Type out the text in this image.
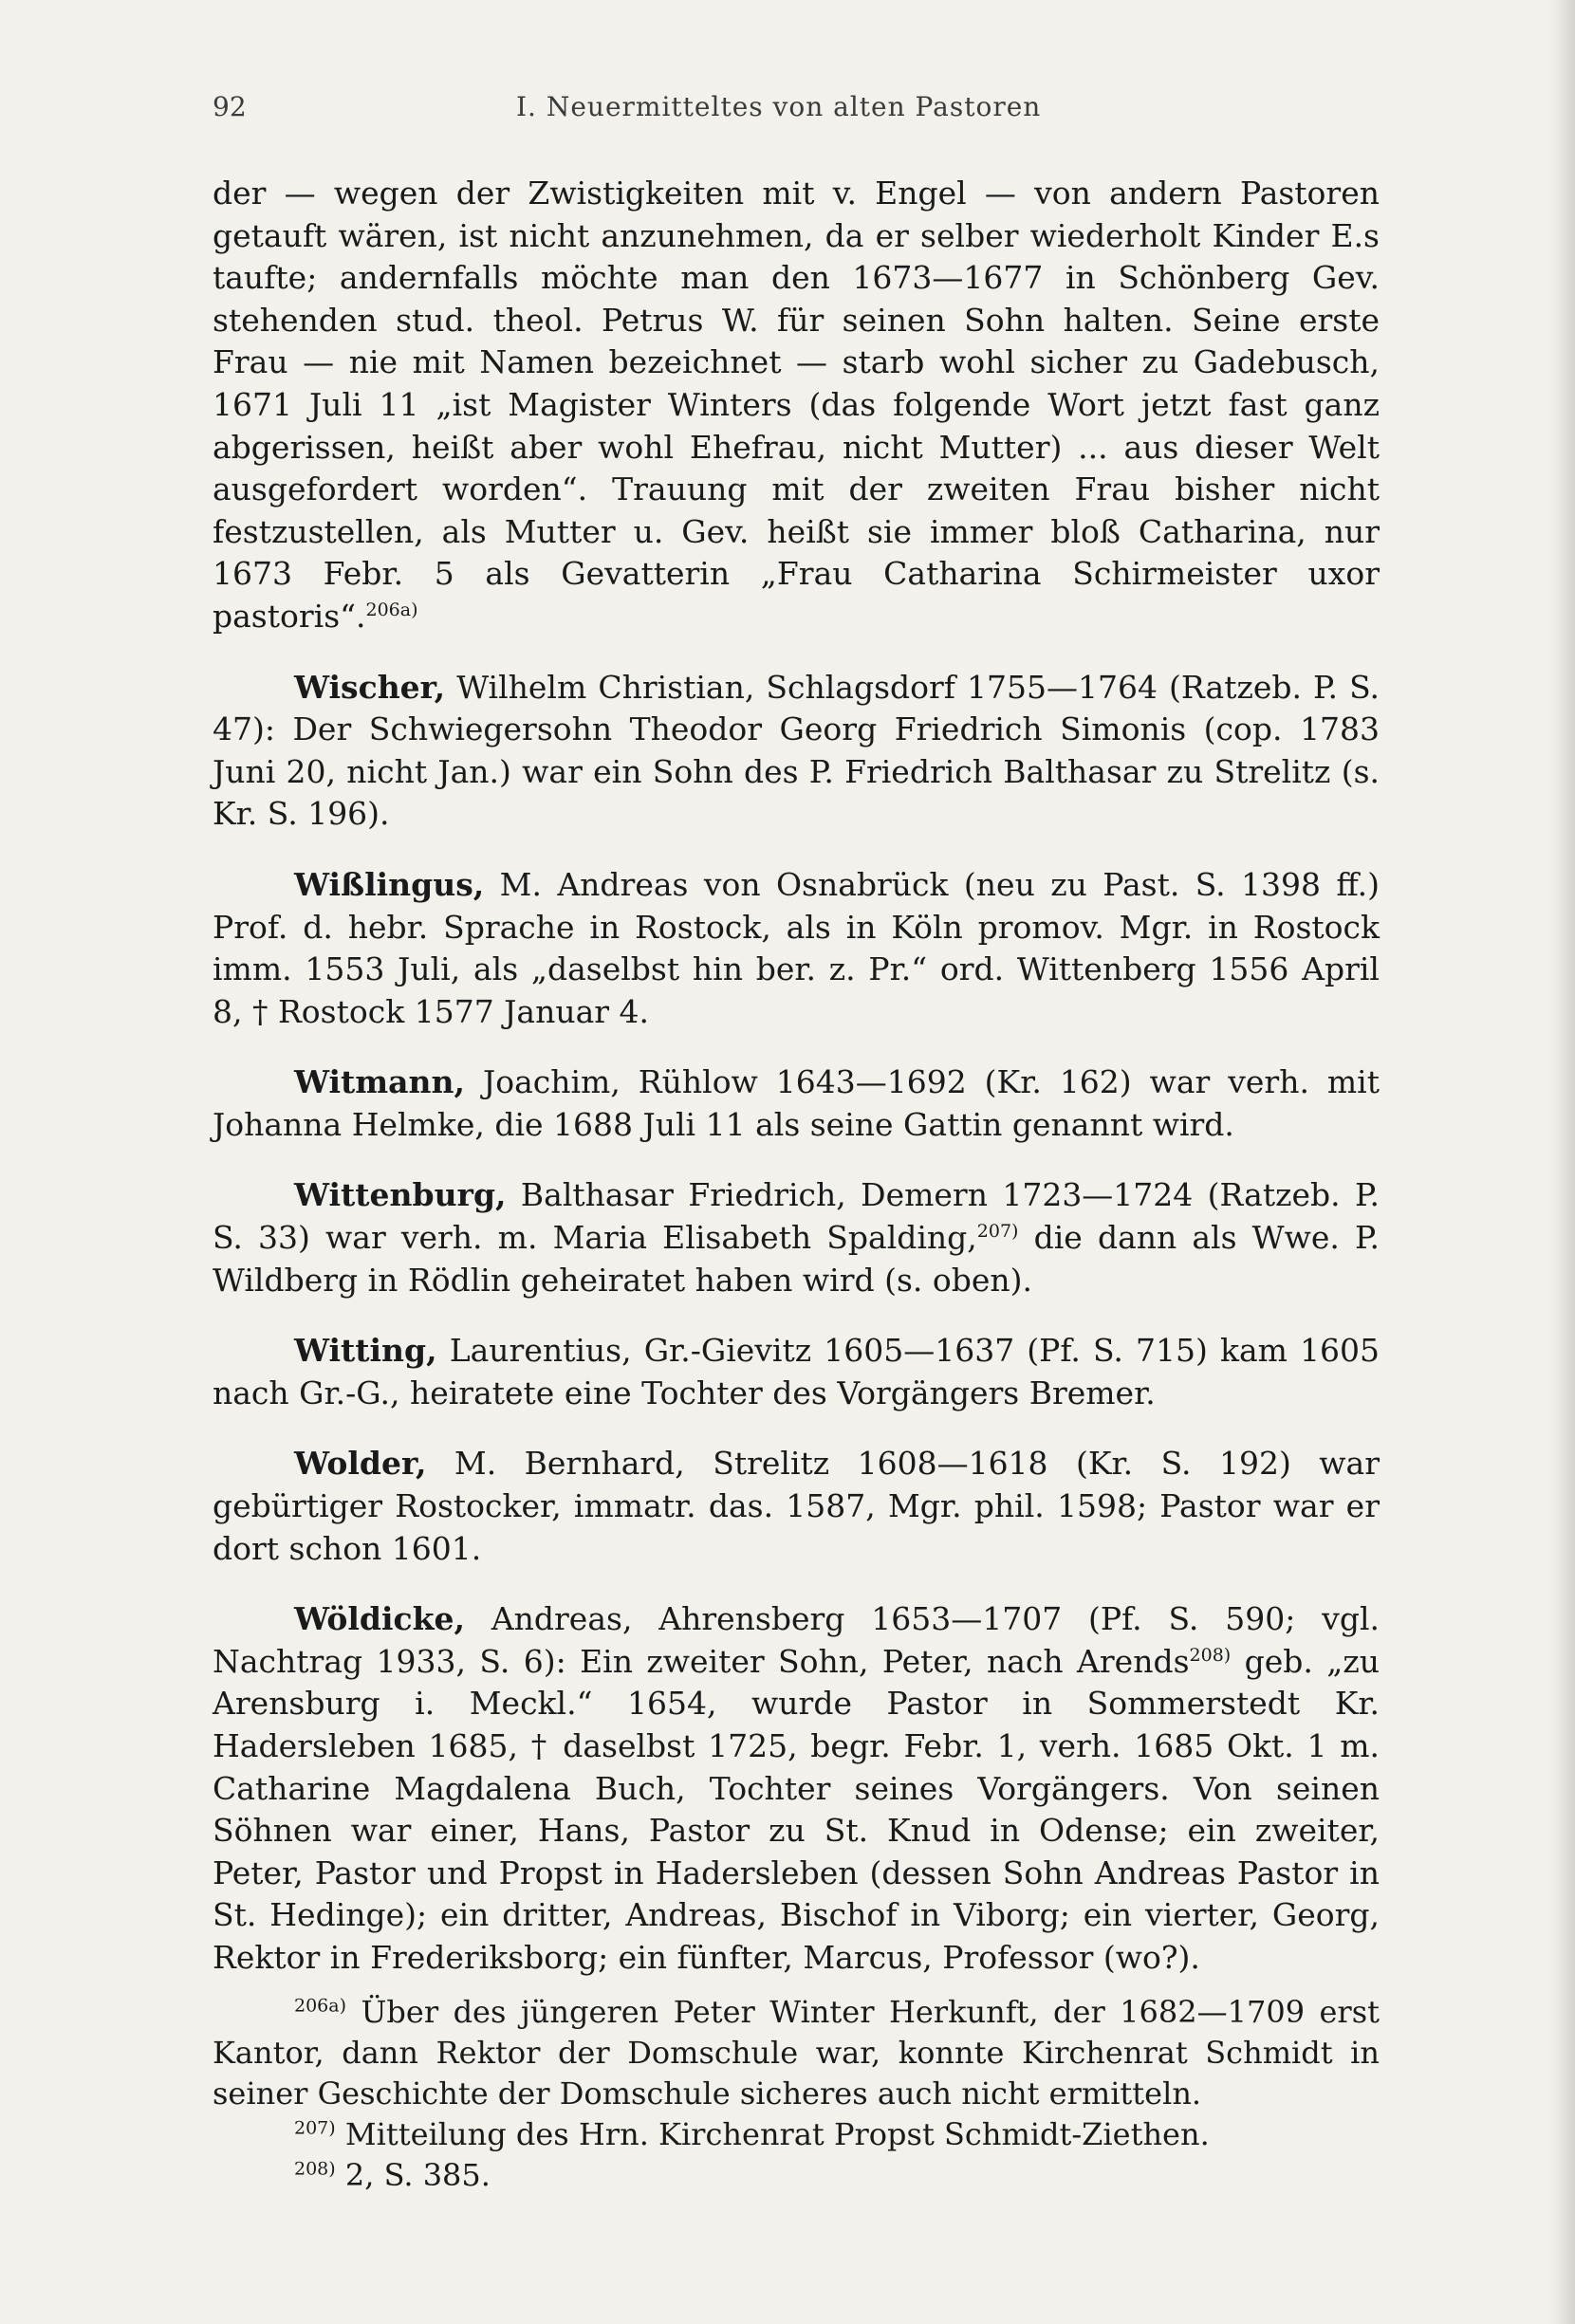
92	I. Neuermitteltes von alten Pastoren

der — wegen der Zwistigkeiten mit v. Engel — von andern Pastoren getauft wären, ist nicht anzunehmen, da er selber wiederholt Kinder E.s taufte; andernfalls möchte man den 1673—1677 in Schönberg Gev. stehenden stud. theol. Petrus W. für seinen Sohn halten. Seine erste Frau — nie mit Namen bezeichnet — starb wohl sicher zu Gadebusch, 1671 Juli 11 „ist Magister Winters (das folgende Wort jetzt fast ganz abgerissen, heißt aber wohl Ehefrau, nicht Mutter) ... aus dieser Welt ausgefordert worden“. Trauung mit der zweiten Frau bisher nicht festzustellen, als Mutter u. Gev. heißt sie immer bloß Catharina, nur 1673 Febr. 5 als Gevatterin „Frau Catharina Schirmeister uxor pastoris“.$^{206a)}$

Wischer, Wilhelm Christian, Schlagsdorf 1755—1764 (Ratzeb. P. S. 47): Der Schwiegersohn Theodor Georg Friedrich Simonis (cop. 1783 Juni 20, nicht Jan.) war ein Sohn des P. Friedrich Balthasar zu Strelitz (s. Kr. S. 196).

Wißlingus, M. Andreas von Osnabrück (neu zu Past. S. 1398 ff.) Prof. d. hebr. Sprache in Rostock, als in Köln promov. Mgr. in Rostock imm. 1553 Juli, als „daselbst hin ber. z. Pr.“ ord. Wittenberg 1556 April 8, † Rostock 1577 Januar 4.

Witmann, Joachim, Rühlow 1643—1692 (Kr. 162) war verh. mit Johanna Helmke, die 1688 Juli 11 als seine Gattin genannt wird.

Wittenburg, Balthasar Friedrich, Demern 1723—1724 (Ratzeb. P. S. 33) war verh. m. Maria Elisabeth Spalding,$^{207)}$ die dann als Wwe. P. Wildberg in Rödlin geheiratet haben wird (s. oben).

Witting, Laurentius, Gr.-Gievitz 1605—1637 (Pf. S. 715) kam 1605 nach Gr.-G., heiratete eine Tochter des Vorgängers Bremer.

Wolder, M. Bernhard, Strelitz 1608—1618 (Kr. S. 192) war gebürtiger Rostocker, immatr. das. 1587, Mgr. phil. 1598; Pastor war er dort schon 1601.

Wöldicke, Andreas, Ahrensberg 1653—1707 (Pf. S. 590; vgl. Nachtrag 1933, S. 6): Ein zweiter Sohn, Peter, nach Arends$^{208)}$ geb. „zu Arensburg i. Meckl.“ 1654, wurde Pastor in Sommerstedt Kr. Hadersleben 1685, † daselbst 1725, begr. Febr. 1, verh. 1685 Okt. 1 m. Catharine Magdalena Buch, Tochter seines Vorgängers. Von seinen Söhnen war einer, Hans, Pastor zu St. Knud in Odense; ein zweiter, Peter, Pastor und Propst in Hadersleben (dessen Sohn Andreas Pastor in St. Hedinge); ein dritter, Andreas, Bischof in Viborg; ein vierter, Georg, Rektor in Frederiksborg; ein fünfter, Marcus, Professor (wo?).

$^{206a)}$ Über des jüngeren Peter Winter Herkunft, der 1682—1709 erst Kantor, dann Rektor der Domschule war, konnte Kirchenrat Schmidt in seiner Geschichte der Domschule sicheres auch nicht ermitteln.

$^{207)}$ Mitteilung des Hrn. Kirchenrat Propst Schmidt-Ziethen.

$^{208)}$ 2, S. 385.
